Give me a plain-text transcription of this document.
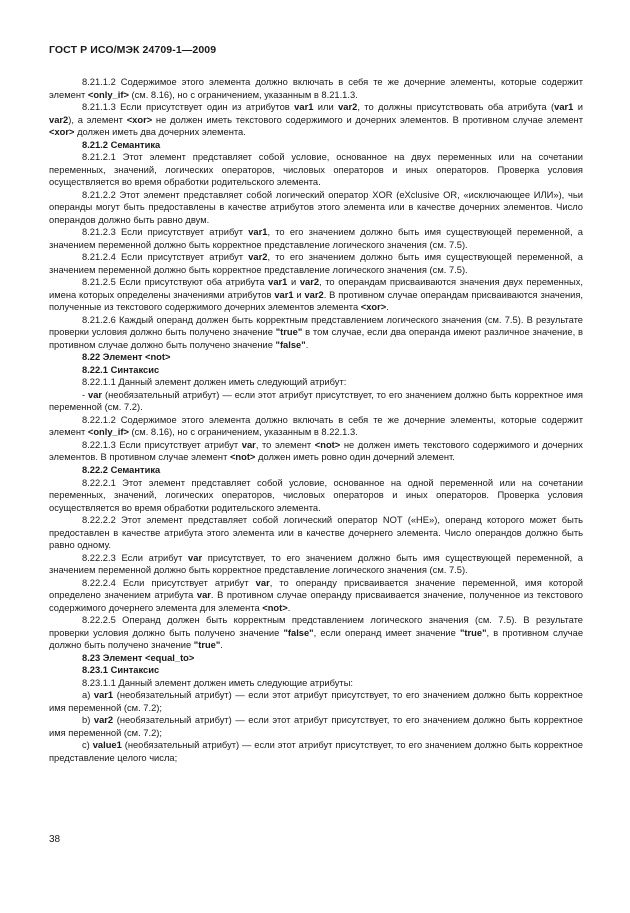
ГОСТ Р ИСО/МЭК 24709-1—2009

8.21.1.2 Содержимое этого элемента должно включать в себя те же дочерние элементы, которые содержит элемент <only_if> (см. 8.16), но с ограничением, указанным в 8.21.1.3.

8.21.1.3 Если присутствует один из атрибутов var1 или var2, то должны присутствовать оба атрибута (var1 и var2), а элемент <xor> не должен иметь текстового содержимого и дочерних элементов. В противном случае элемент <xor> должен иметь два дочерних элемента.

8.21.2 Семантика

8.21.2.1 Этот элемент представляет собой условие, основанное на двух переменных или на сочетании переменных, значений, логических операторов, числовых операторов и иных операторов. Проверка условия осуществляется во время обработки родительского элемента.

8.21.2.2 Этот элемент представляет собой логический оператор XOR (eXclusive OR, «исключающее ИЛИ»), чьи операнды могут быть предоставлены в качестве атрибутов этого элемента или в качестве дочерних элементов. Число операндов должно быть равно двум.

8.21.2.3 Если присутствует атрибут var1, то его значением должно быть имя существующей переменной, а значением переменной должно быть корректное представление логического значения (см. 7.5).

8.21.2.4 Если присутствует атрибут var2, то его значением должно быть имя существующей переменной, а значением переменной должно быть корректное представление логического значения (см. 7.5).

8.21.2.5 Если присутствуют оба атрибута var1 и var2, то операндам присваиваются значения двух переменных, имена которых определены значениями атрибутов var1 и var2. В противном случае операндам присваиваются значения, полученные из текстового содержимого дочерних элементов элемента <xor>.

8.21.2.6 Каждый операнд должен быть корректным представлением логического значения (см. 7.5). В результате проверки условия должно быть получено значение "true" в том случае, если два операнда имеют различное значение, в противном случае должно быть получено значение "false".

8.22 Элемент <not>

8.22.1 Синтаксис

8.22.1.1 Данный элемент должен иметь следующий атрибут:

- var (необязательный атрибут) — если этот атрибут присутствует, то его значением должно быть корректное имя переменной (см. 7.2).

8.22.1.2 Содержимое этого элемента должно включать в себя те же дочерние элементы, которые содержит элемент <only_if> (см. 8.16), но с ограничением, указанным в 8.22.1.3.

8.22.1.3 Если присутствует атрибут var, то элемент <not> не должен иметь текстового содержимого и дочерних элементов. В противном случае элемент <not> должен иметь ровно один дочерний элемент.

8.22.2 Семантика

8.22.2.1 Этот элемент представляет собой условие, основанное на одной переменной или на сочетании переменных, значений, логических операторов, числовых операторов и иных операторов. Проверка условия осуществляется во время обработки родительского элемента.

8.22.2.2 Этот элемент представляет собой логический оператор NOT («НЕ»), операнд которого может быть предоставлен в качестве атрибута этого элемента или в качестве дочернего элемента. Число операндов должно быть равно одному.

8.22.2.3 Если атрибут var присутствует, то его значением должно быть имя существующей переменной, а значением переменной должно быть корректное представление логического значения (см. 7.5).

8.22.2.4 Если присутствует атрибут var, то операнду присваивается значение переменной, имя которой определено значением атрибута var. В противном случае операнду присваивается значение, полученное из текстового содержимого дочернего элемента для элемента <not>.

8.22.2.5 Операнд должен быть корректным представлением логического значения (см. 7.5). В результате проверки условия должно быть получено значение "false", если операнд имеет значение "true", в противном случае должно быть получено значение "true".

8.23 Элемент <equal_to>

8.23.1 Синтаксис

8.23.1.1 Данный элемент должен иметь следующие атрибуты:

a) var1 (необязательный атрибут) — если этот атрибут присутствует, то его значением должно быть корректное имя переменной (см. 7.2);

b) var2 (необязательный атрибут) — если этот атрибут присутствует, то его значением должно быть корректное имя переменной (см. 7.2);

c) value1 (необязательный атрибут) — если этот атрибут присутствует, то его значением должно быть корректное представление целого числа;

38
